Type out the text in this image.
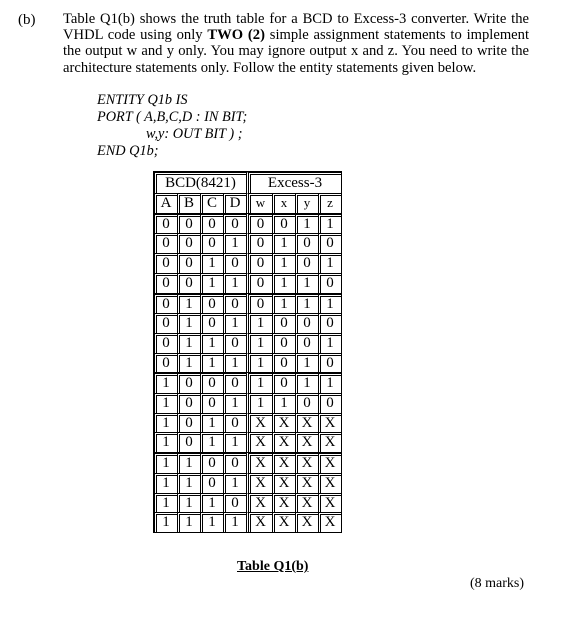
(b) Table Q1(b) shows the truth table for a BCD to Excess-3 converter. Write the VHDL code using only TWO (2) simple assignment statements to implement the output w and y only. You may ignore output x and z. You need to write the architecture statements only. Follow the entity statements given below.
ENTITY Q1b IS
PORT ( A,B,C,D : IN BIT;
w,y: OUT BIT ) ;
END Q1b;
BCD(8421)				Excess-3			
A	B	C	D	w	x	y	z
0	0	0	0	0	0	1	1
0	0	0	1	0	1	0	0
0	0	1	0	0	1	0	1
0	0	1	1	0	1	1	0
0	1	0	0	0	1	1	1
0	1	0	1	1	0	0	0
0	1	1	0	1	0	0	1
0	1	1	1	1	0	1	0
1	0	0	0	1	0	1	1
1	0	0	1	1	1	0	0
1	0	1	0	X	X	X	X
1	0	1	1	X	X	X	X
1	1	0	0	X	X	X	X
1	1	0	1	X	X	X	X
1	1	1	0	X	X	X	X
1	1	1	1	X	X	X	X
Table Q1(b)
(8 marks)
